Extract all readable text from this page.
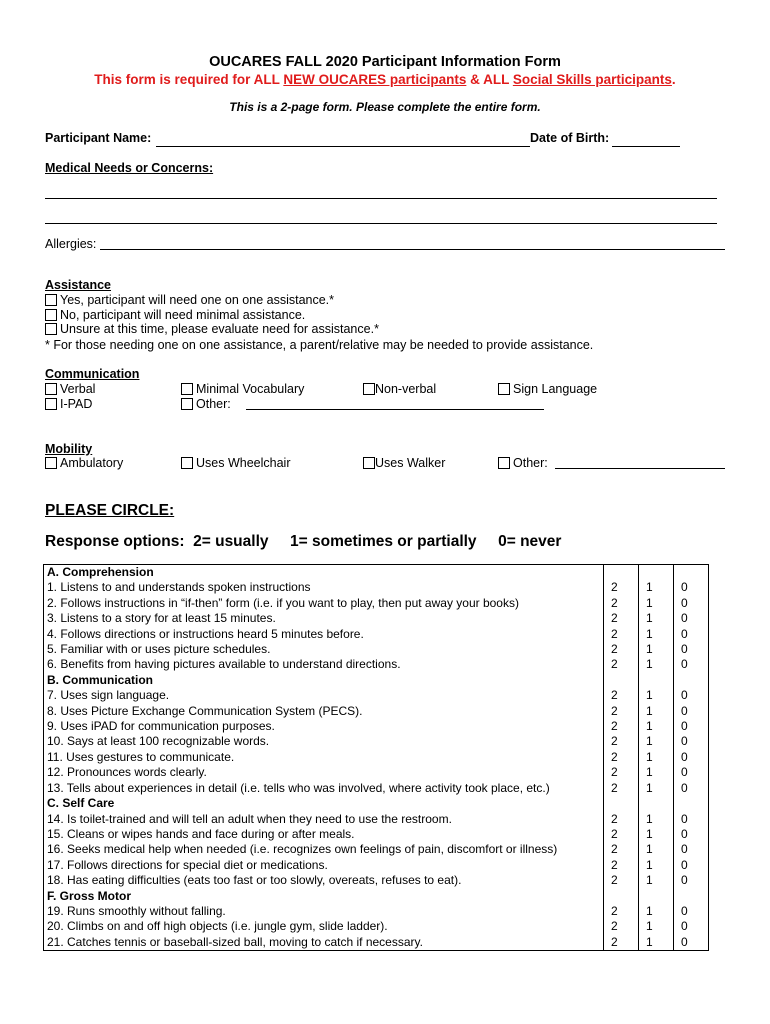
OUCARES FALL 2020 Participant Information Form
This form is required for ALL NEW OUCARES participants & ALL Social Skills participants.
This is a 2-page form. Please complete the entire form.
Participant Name:	Date of Birth:
Medical Needs or Concerns:
Allergies:
Assistance
Yes, participant will need one on one assistance.*
No, participant will need minimal assistance.
Unsure at this time, please evaluate need for assistance.*
* For those needing one on one assistance, a parent/relative may be needed to provide assistance.
Communication
Verbal	Minimal Vocabulary	Non-verbal	Sign Language
I-PAD	Other:
Mobility
Ambulatory	Uses Wheelchair	Uses Walker	Other:
PLEASE CIRCLE:
Response options:  2= usually     1= sometimes or partially     0= never
A. Comprehension			
1. Listens to and understands spoken instructions	2	1	0
2. Follows instructions in “if-then” form (i.e. if you want to play, then put away your books)	2	1	0
3. Listens to a story for at least 15 minutes.	2	1	0
4. Follows directions or instructions heard 5 minutes before.	2	1	0
5. Familiar with or uses picture schedules.	2	1	0
6. Benefits from having pictures available to understand directions.	2	1	0
B. Communication			
7. Uses sign language.	2	1	0
8. Uses Picture Exchange Communication System (PECS).	2	1	0
9. Uses iPAD for communication purposes.	2	1	0
10. Says at least 100 recognizable words.	2	1	0
11. Uses gestures to communicate.	2	1	0
12. Pronounces words clearly.	2	1	0
13. Tells about experiences in detail (i.e. tells who was involved, where activity took place, etc.)	2	1	0
C. Self Care			
14. Is toilet-trained and will tell an adult when they need to use the restroom.	2	1	0
15. Cleans or wipes hands and face during or after meals.	2	1	0
16. Seeks medical help when needed (i.e. recognizes own feelings of pain, discomfort or illness)	2	1	0
17. Follows directions for special diet or medications.	2	1	0
18. Has eating difficulties (eats too fast or too slowly, overeats, refuses to eat).	2	1	0
F. Gross Motor			
19. Runs smoothly without falling.	2	1	0
20. Climbs on and off high objects (i.e. jungle gym, slide ladder).	2	1	0
21. Catches tennis or baseball-sized ball, moving to catch if necessary.	2	1	0
